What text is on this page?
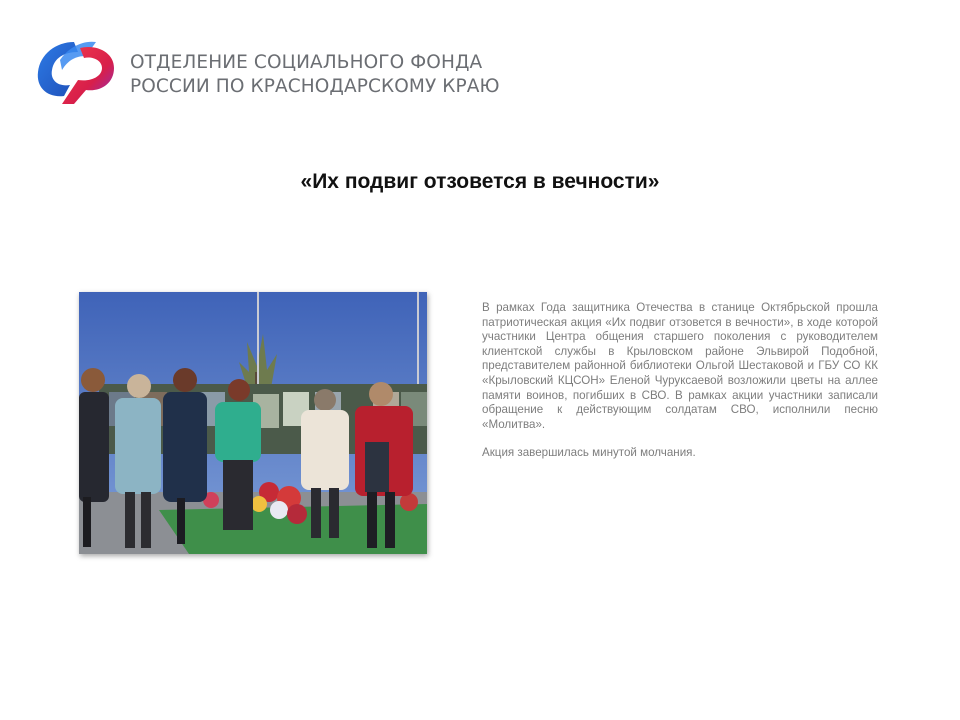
ОТДЕЛЕНИЕ СОЦИАЛЬНОГО ФОНДА
РОССИИ ПО КРАСНОДАРСКОМУ КРАЮ
«Их подвиг отзовется в вечности»

В рамках Года защитника Отечества в станице Октябрьской прошла патриотическая акция «Их подвиг отзовется в вечности», в ходе которой участники Центра общения старшего поколения с руководителем клиентской службы в Крыловском районе Эльвирой Подобной, представителем районной библиотеки Ольгой Шестаковой и ГБУ СО КК «Крыловский КЦСОН» Еленой Чуруксаевой возложили цветы на аллее памяти воинов, погибших в СВО. В рамках акции участники записали обращение к действующим солдатам СВО, исполнили песню «Молитва».

Акция завершилась минутой молчания.
